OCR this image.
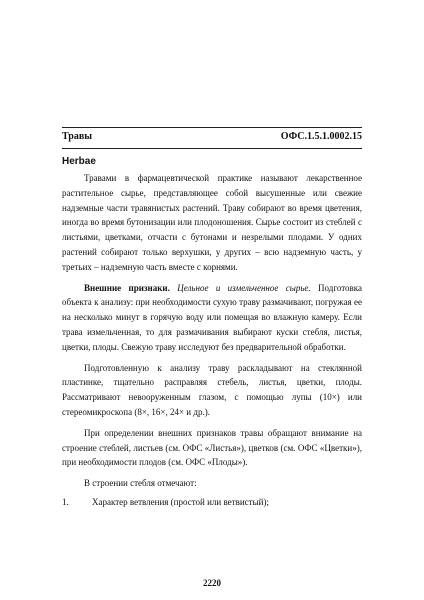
Травы	ОФС.1.5.1.0002.15
Herbae

Травами в фармацевтической практике называют лекарственное растительное сырье, представляющее собой высушенные или свежие надземные части травянистых растений. Траву собирают во время цветения, иногда во время бутонизации или плодоношения. Сырье состоит из стеблей с листьями, цветками, отчасти с бутонами и незрелыми плодами. У одних растений собирают только верхушки, у других – всю надземную часть, у третьих – надземную часть вместе с корнями.

Внешние признаки. Цельное и измельченное сырье. Подготовка объекта к анализу: при необходимости сухую траву размачивают, погружая ее на несколько минут в горячую воду или помещая во влажную камеру. Если трава измельченная, то для размачивания выбирают куски стебля, листья, цветки, плоды. Свежую траву исследуют без предварительной обработки.

Подготовленную к анализу траву раскладывают на стеклянной пластинке, тщательно расправляя стебель, листья, цветки, плоды. Рассматривают невооруженным глазом, с помощью лупы (10×) или стереомикроскопа (8×, 16×, 24× и др.).

При определении внешних признаков травы обращают внимание на строение стеблей, листьев (см. ОФС «Листья»), цветков (см. ОФС «Цветки»), при необходимости плодов (см. ОФС «Плоды»).

В строении стебля отмечают:

1.	Характер ветвления (простой или ветвистый);
2220
